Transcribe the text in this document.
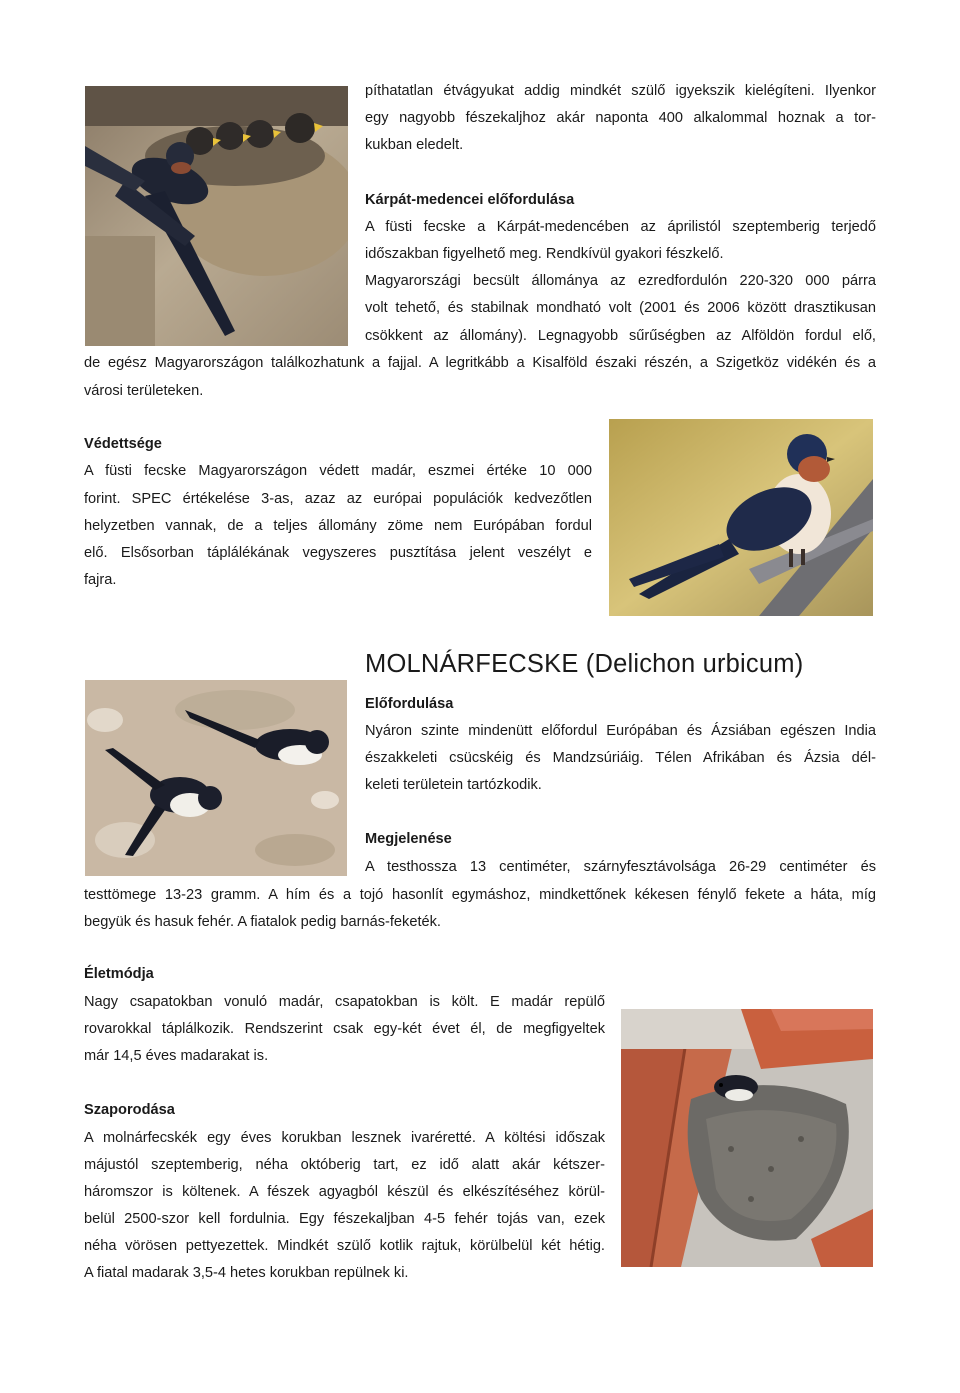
píthatatlan étvágyukat addig mindkét szülő igyekszik kielégíteni. Ilyenkor
egy nagyobb fészekaljhoz akár naponta 400 alkalommal hoznak a tor-
kukban eledelt.
Kárpát-medencei előfordulása
A füsti fecske a Kárpát-medencében az áprilistól szeptemberig terjedő
időszakban figyelhető meg. Rendkívül gyakori fészkelő.
Magyarországi becsült állománya az ezredfordulón 220-320 000 párra
volt tehető, és stabilnak mondható volt (2001 és 2006 között drasztikusan
csökkent az állomány). Legnagyobb sűrűségben az Alföldön fordul elő,
de egész Magyarországon találkozhatunk a fajjal. A legritkább a Kisalföld északi részén, a Szigetköz vidékén és a
városi területeken.
Védettsége
A füsti fecske Magyarországon védett madár, eszmei értéke 10 000
forint. SPEC értékelése 3-as, azaz az európai populációk kedvezőtlen
helyzetben vannak, de a teljes állomány zöme nem Európában fordul
elő. Elsősorban táplálékának vegyszeres pusztítása jelent veszélyt e
fajra.
MOLNÁRFECSKE (Delichon urbicum)
Előfordulása
Nyáron szinte mindenütt előfordul Európában és Ázsiában egészen India
északkeleti csücskéig és Mandzsúriáig. Télen Afrikában és Ázsia dél-
keleti területein tartózkodik.
Megjelenése
A testhossza 13 centiméter, szárnyfesztávolsága 26-29 centiméter és
testtömege 13-23 gramm. A hím és a tojó hasonlít egymáshoz, mindkettőnek kékesen fénylő fekete a háta, míg
begyük és hasuk fehér. A fiatalok pedig barnás-feketék.
Életmódja
Nagy csapatokban vonuló madár, csapatokban is költ. E madár repülő
rovarokkal táplálkozik. Rendszerint csak egy-két évet él, de megfigyeltek
már 14,5 éves madarakat is.
Szaporodása
A molnárfecskék egy éves korukban lesznek ivaréretté. A költési időszak
májustól szeptemberig, néha októberig tart, ez idő alatt akár kétszer-
háromszor is költenek. A fészek agyagból készül és elkészítéséhez körül-
belül 2500-szor kell fordulnia. Egy fészekaljban 4-5 fehér tojás van, ezek
néha vörösen pettyezettek. Mindkét szülő kotlik rajtuk, körülbelül két hétig.
A fiatal madarak 3,5-4 hetes korukban repülnek ki.
